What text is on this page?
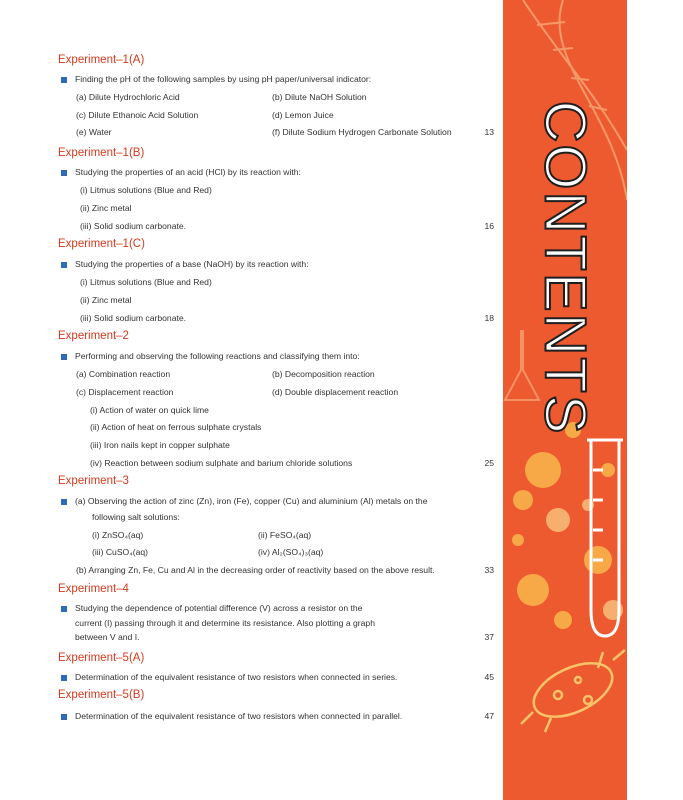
Experiment–1(A)
Finding the pH of the following samples by using pH paper/universal indicator:
(a) Dilute Hydrochloric Acid	(b) Dilute NaOH Solution
(c) Dilute Ethanoic Acid Solution	(d) Lemon Juice
(e) Water	(f) Dilute Sodium Hydrogen Carbonate Solution	13
Experiment–1(B)
Studying the properties of an acid (HCl) by its reaction with:
(i) Litmus solutions (Blue and Red)
(ii) Zinc metal
(iii) Solid sodium carbonate.	16
Experiment–1(C)
Studying the properties of a base (NaOH) by its reaction with:
(i) Litmus solutions (Blue and Red)
(ii) Zinc metal
(iii) Solid sodium carbonate.	18
Experiment–2
Performing and observing the following reactions and classifying them into:
(a) Combination reaction	(b) Decomposition reaction
(c) Displacement reaction	(d) Double displacement reaction
(i) Action of water on quick lime
(ii) Action of heat on ferrous sulphate crystals
(iii) Iron nails kept in copper sulphate
(iv) Reaction between sodium sulphate and barium chloride solutions	25
Experiment–3
(a) Observing the action of zinc (Zn), iron (Fe), copper (Cu) and aluminium (Al) metals on the
following salt solutions:
(i) ZnSO₄(aq)	(ii) FeSO₄(aq)
(iii) CuSO₄(aq)	(iv) Al₂(SO₄)₃(aq)
(b) Arranging Zn, Fe, Cu and Al in the decreasing order of reactivity based on the above result.	33
Experiment–4
Studying the dependence of potential difference (V) across a resistor on the
current (I) passing through it and determine its resistance. Also plotting a graph
between V and I.	37
Experiment–5(A)
Determination of the equivalent resistance of two resistors when connected in series.	45
Experiment–5(B)
Determination of the equivalent resistance of two resistors when connected in parallel.	47
CONTENTS
